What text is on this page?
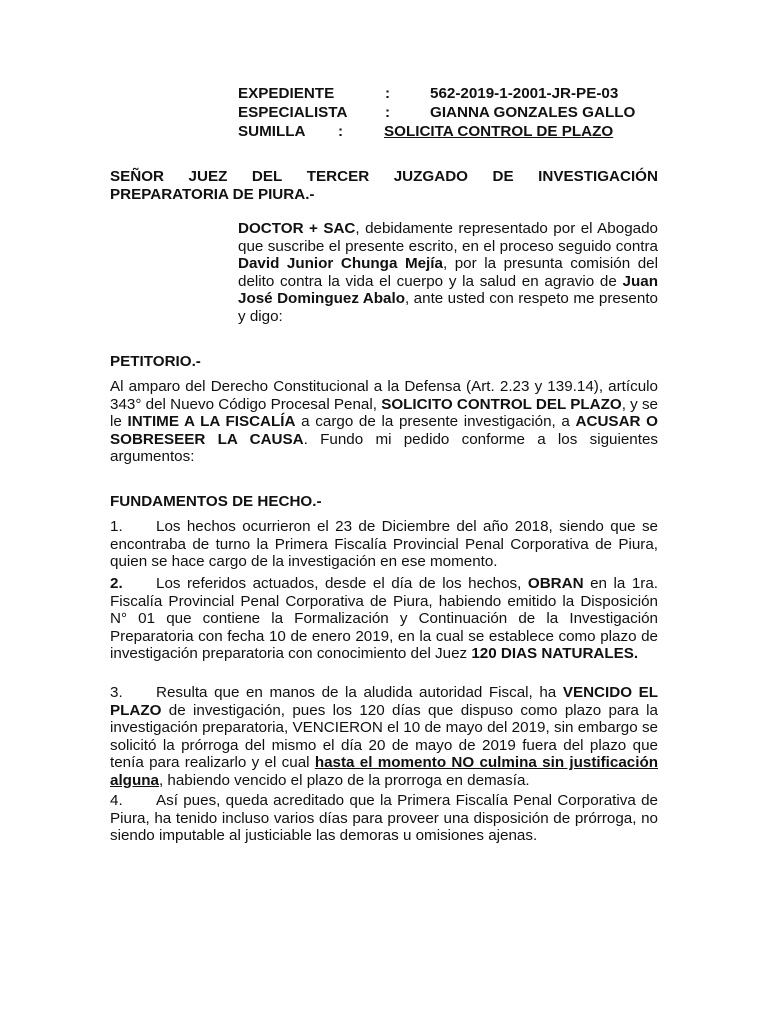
EXPEDIENTE	:	562-2019-1-2001-JR-PE-03
ESPECIALISTA :	GIANNA GONZALES GALLO
SUMILLA :	SOLICITA CONTROL DE PLAZO
SEÑOR JUEZ DEL TERCER JUZGADO DE INVESTIGACIÓN
PREPARATORIA DE PIURA.-
DOCTOR + SAC, debidamente representado por el Abogado que suscribe el presente escrito, en el proceso seguido contra David Junior Chunga Mejía, por la presunta comisión del delito contra la vida el cuerpo y la salud en agravio de Juan José Dominguez Abalo, ante usted con respeto me presento y digo:
PETITORIO.-
Al amparo del Derecho Constitucional a la Defensa (Art. 2.23 y 139.14), artículo 343° del Nuevo Código Procesal Penal, SOLICITO CONTROL DEL PLAZO, y se le INTIME A LA FISCALÍA a cargo de la presente investigación, a ACUSAR O SOBRESEER LA CAUSA. Fundo mi pedido conforme a los siguientes argumentos:
FUNDAMENTOS DE HECHO.-
1. Los hechos ocurrieron el 23 de Diciembre del año 2018, siendo que se encontraba de turno la Primera Fiscalía Provincial Penal Corporativa de Piura, quien se hace cargo de la investigación en ese momento.
2. Los referidos actuados, desde el día de los hechos, OBRAN en la 1ra. Fiscalía Provincial Penal Corporativa de Piura, habiendo emitido la Disposición N° 01 que contiene la Formalización y Continuación de la Investigación Preparatoria con fecha 10 de enero 2019, en la cual se establece como plazo de investigación preparatoria con conocimiento del Juez 120 DIAS NATURALES.
3. Resulta que en manos de la aludida autoridad Fiscal, ha VENCIDO EL PLAZO de investigación, pues los 120 días que dispuso como plazo para la investigación preparatoria, VENCIERON el 10 de mayo del 2019, sin embargo se solicitó la prórroga del mismo el día 20 de mayo de 2019 fuera del plazo que tenía para realizarlo y el cual hasta el momento NO culmina sin justificación alguna, habiendo vencido el plazo de la prorroga en demasía.
4. Así pues, queda acreditado que la Primera Fiscalía Penal Corporativa de Piura, ha tenido incluso varios días para proveer una disposición de prórroga, no siendo imputable al justiciable las demoras u omisiones ajenas.
